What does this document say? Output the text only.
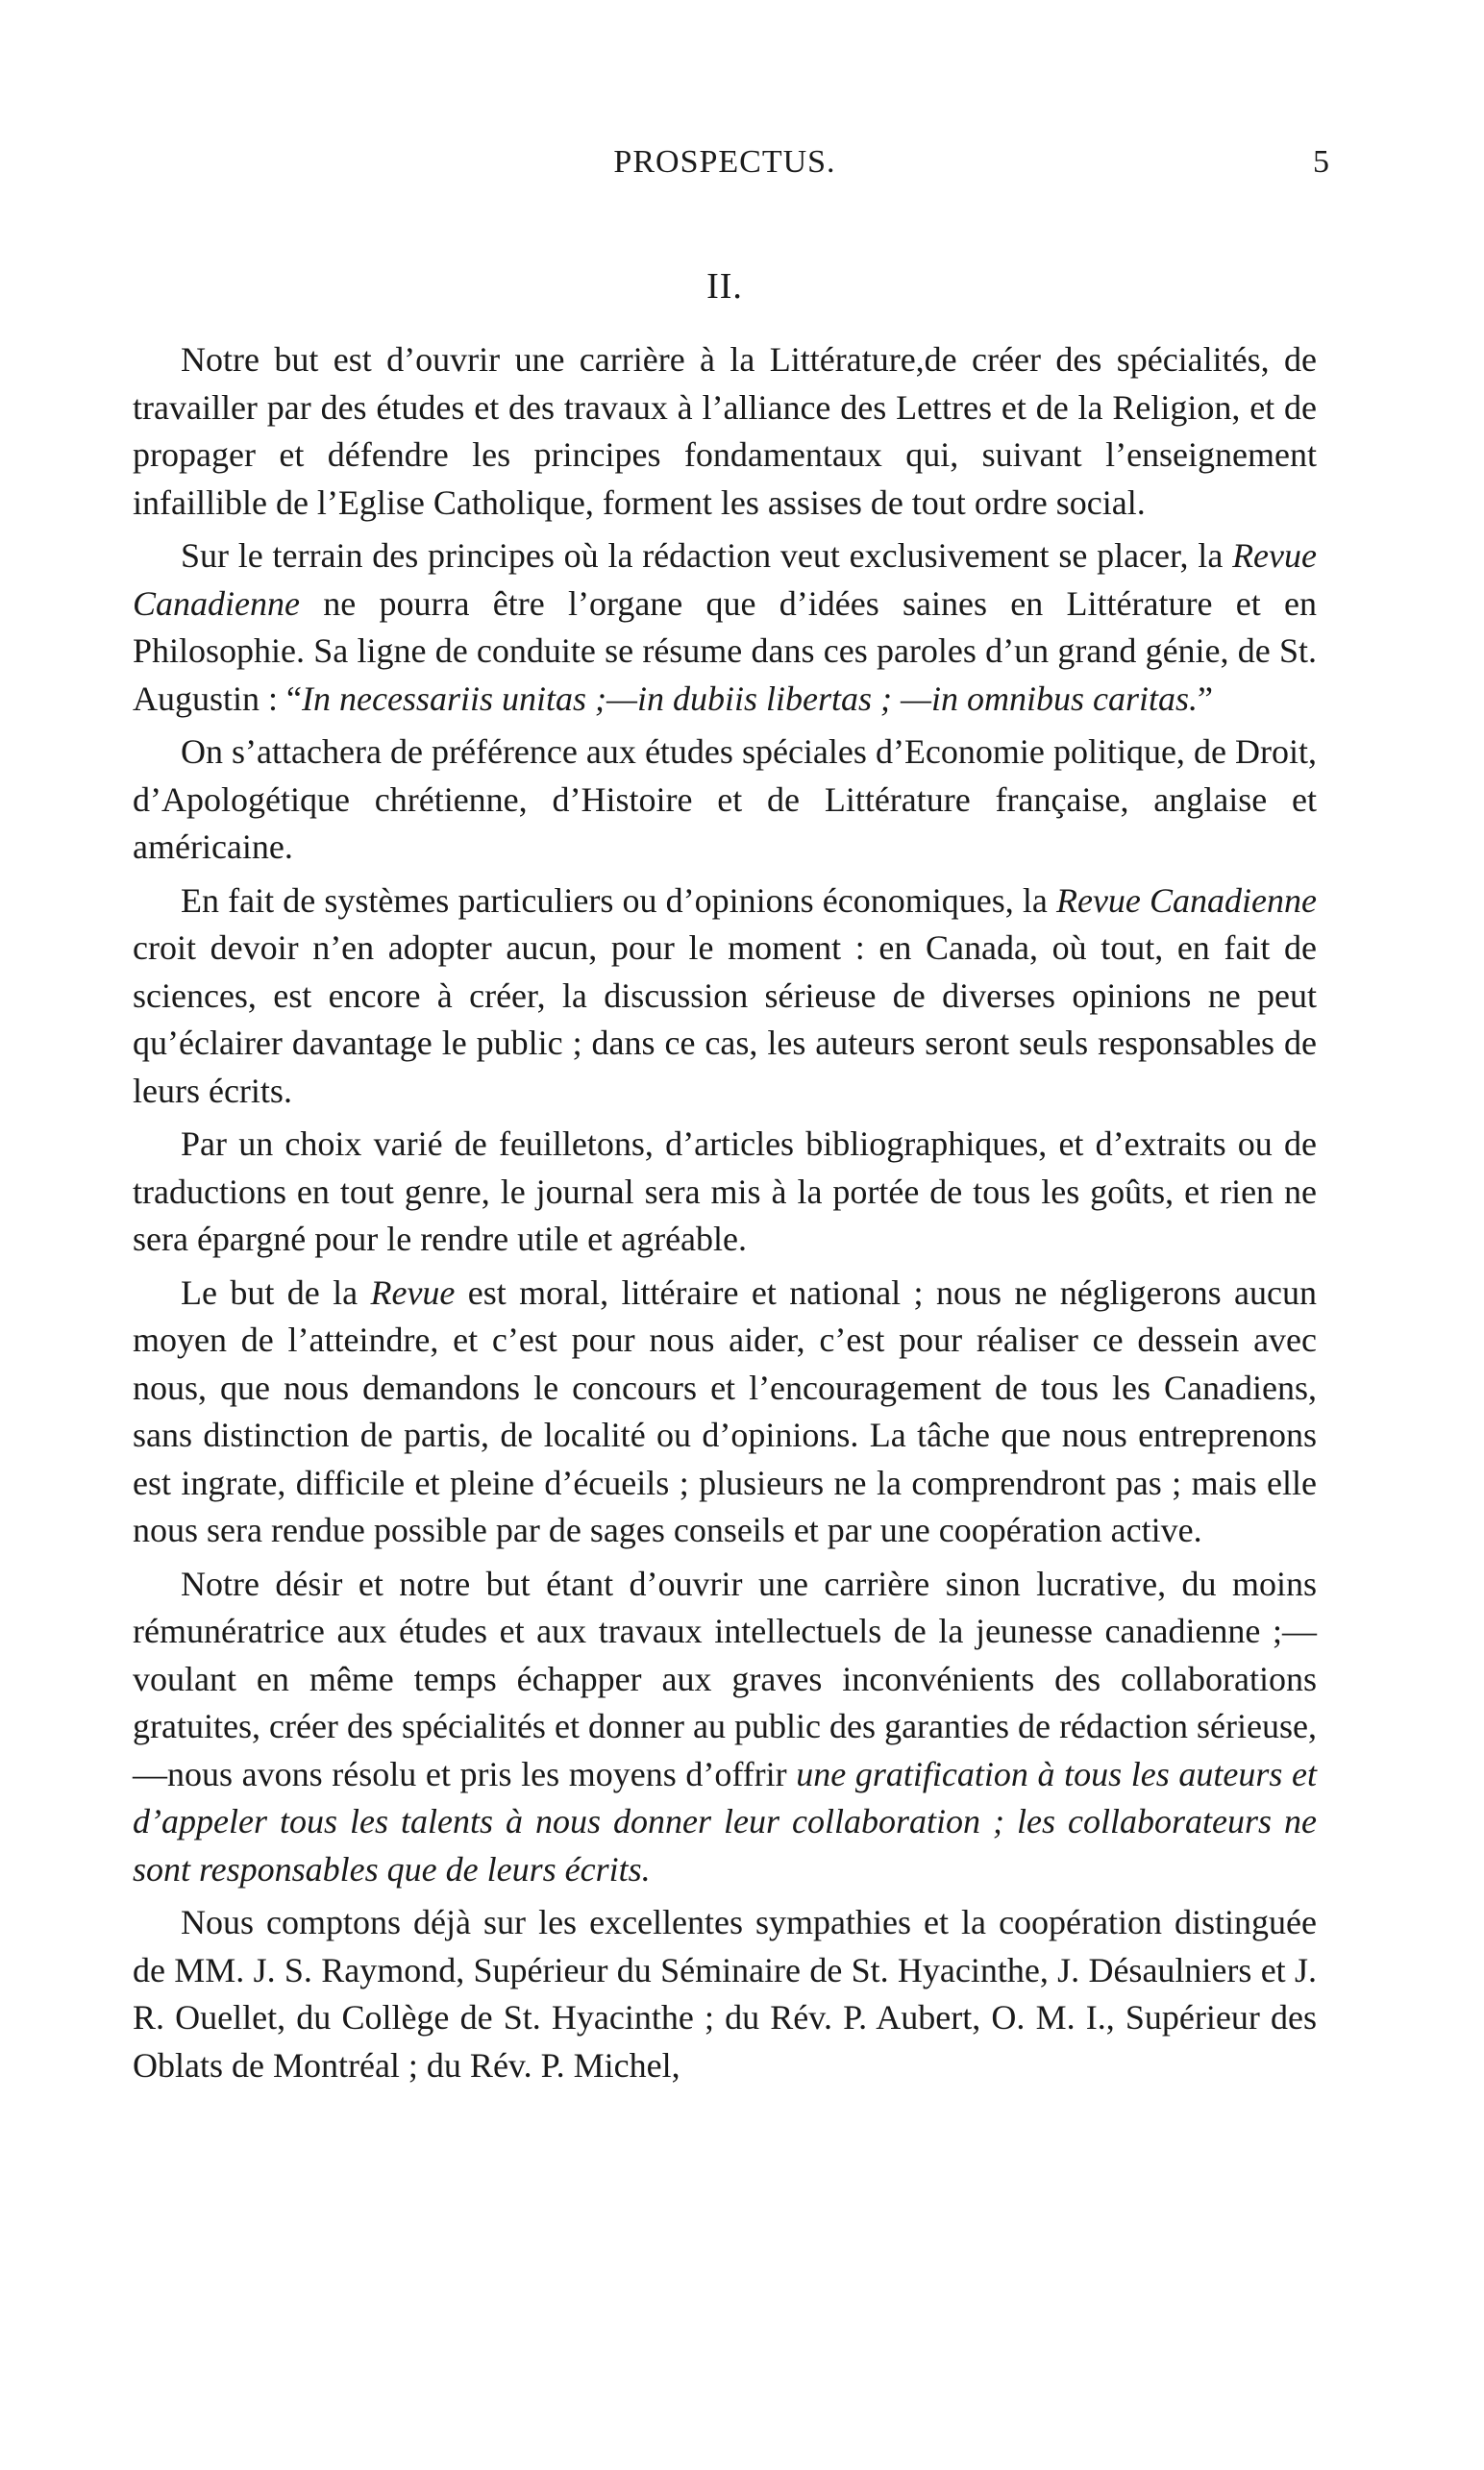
PROSPECTUS.	5
II.

Notre but est d’ouvrir une carrière à la Littérature,de créer des spécialités, de travailler par des études et des travaux à l’alliance des Lettres et de la Religion, et de propager et défendre les principes fondamentaux qui, suivant l’enseignement infaillible de l’Eglise Catholique, forment les assises de tout ordre social.

Sur le terrain des principes où la rédaction veut exclusivement se placer, la Revue Canadienne ne pourra être l’organe que d’idées saines en Littérature et en Philosophie. Sa ligne de conduite se résume dans ces paroles d’un grand génie, de St. Augustin : “In necessariis unitas ;—in dubiis libertas ; —in omnibus caritas.”

On s’attachera de préférence aux études spéciales d’Economie politique, de Droit, d’Apologétique chrétienne, d’Histoire et de Littérature française, anglaise et américaine.

En fait de systèmes particuliers ou d’opinions économiques, la Revue Canadienne croit devoir n’en adopter aucun, pour le moment : en Canada, où tout, en fait de sciences, est encore à créer, la discussion sérieuse de diverses opinions ne peut qu’éclairer davantage le public ; dans ce cas, les auteurs seront seuls responsables de leurs écrits.

Par un choix varié de feuilletons, d’articles bibliographiques, et d’extraits ou de traductions en tout genre, le journal sera mis à la portée de tous les goûts, et rien ne sera épargné pour le rendre utile et agréable.

Le but de la Revue est moral, littéraire et national ; nous ne négligerons aucun moyen de l’atteindre, et c’est pour nous aider, c’est pour réaliser ce dessein avec nous, que nous demandons le concours et l’encouragement de tous les Canadiens, sans distinction de partis, de localité ou d’opinions. La tâche que nous entreprenons est ingrate, difficile et pleine d’écueils ; plusieurs ne la comprendront pas ; mais elle nous sera rendue possible par de sages conseils et par une coopération active.

Notre désir et notre but étant d’ouvrir une carrière sinon lucrative, du moins rémunératrice aux études et aux travaux intellectuels de la jeunesse canadienne ;—voulant en même temps échapper aux graves inconvénients des collaborations gratuites, créer des spécialités et donner au public des garanties de rédaction sérieuse,—nous avons résolu et pris les moyens d’offrir une gratification à tous les auteurs et d’appeler tous les talents à nous donner leur collaboration ; les collaborateurs ne sont responsables que de leurs écrits.

Nous comptons déjà sur les excellentes sympathies et la coopération distinguée de MM. J. S. Raymond, Supérieur du Séminaire de St. Hyacinthe, J. Désaulniers et J. R. Ouellet, du Collège de St. Hyacinthe ; du Rév. P. Aubert, O. M. I., Supérieur des Oblats de Montréal ; du Rév. P. Michel,
